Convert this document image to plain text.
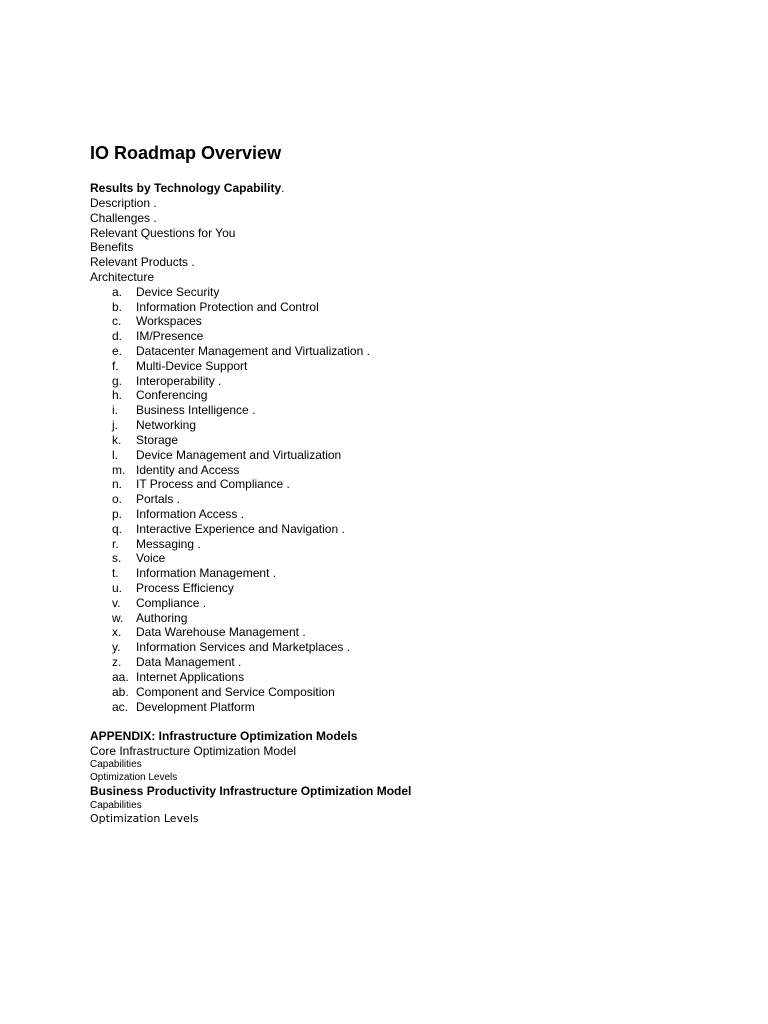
IO Roadmap Overview
Results by Technology Capability.
Description .
Challenges .
Relevant Questions for You
Benefits
Relevant Products .
Architecture
a.	Device Security
b.	Information Protection and Control
c.	Workspaces
d.	IM/Presence
e.	Datacenter Management and Virtualization .
f.	Multi-Device Support
g.	Interoperability .
h.	Conferencing
i.	Business Intelligence .
j.	Networking
k.	Storage
l.	Device Management and Virtualization
m. Identity and Access
n.	IT Process and Compliance .
o.	Portals .
p.	Information Access .
q.	Interactive Experience and Navigation .
r.	Messaging .
s.	Voice
t.	Information Management .
u.	Process Efficiency
v.	Compliance .
w.	Authoring
x.	Data Warehouse Management .
y.	Information Services and Marketplaces .
z.	Data Management .
aa. Internet Applications
ab. Component and Service Composition
ac. Development Platform
APPENDIX: Infrastructure Optimization Models
Core Infrastructure Optimization Model
Capabilities
Optimization Levels
Business Productivity Infrastructure Optimization Model
Capabilities
Optimization Levels
